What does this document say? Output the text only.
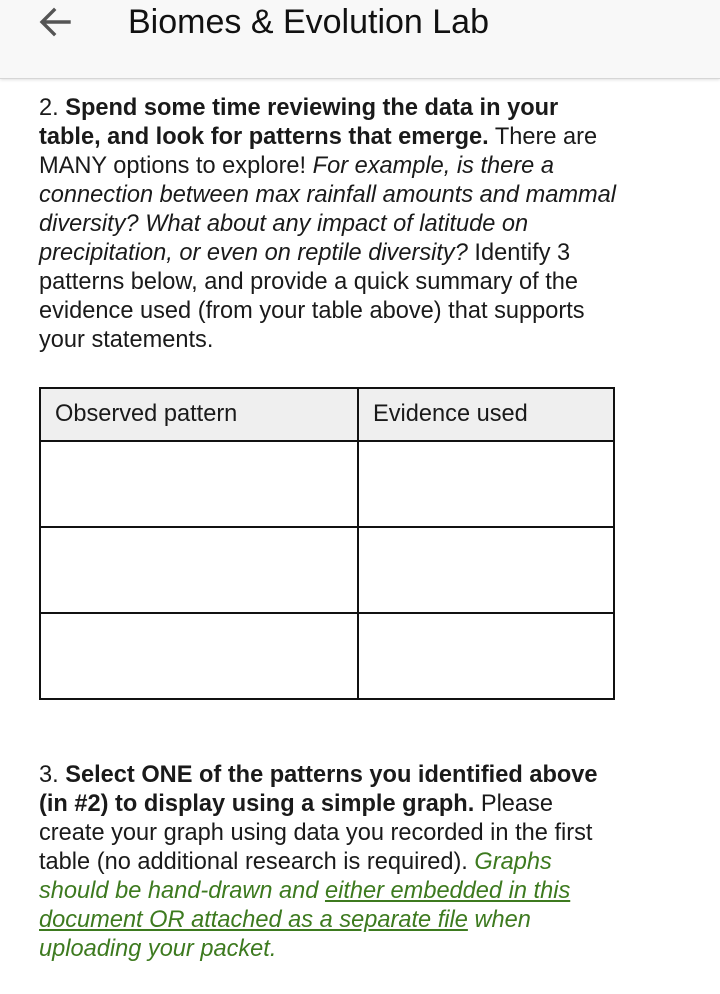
Biomes & Evolution Lab
2. Spend some time reviewing the data in your table, and look for patterns that emerge. There are MANY options to explore! For example, is there a connection between max rainfall amounts and mammal diversity? What about any impact of latitude on precipitation, or even on reptile diversity? Identify 3 patterns below, and provide a quick summary of the evidence used (from your table above) that supports your statements.
Observed pattern	Evidence used

3. Select ONE of the patterns you identified above (in #2) to display using a simple graph. Please create your graph using data you recorded in the first table (no additional research is required). Graphs should be hand-drawn and either embedded in this document OR attached as a separate file when uploading your packet.
